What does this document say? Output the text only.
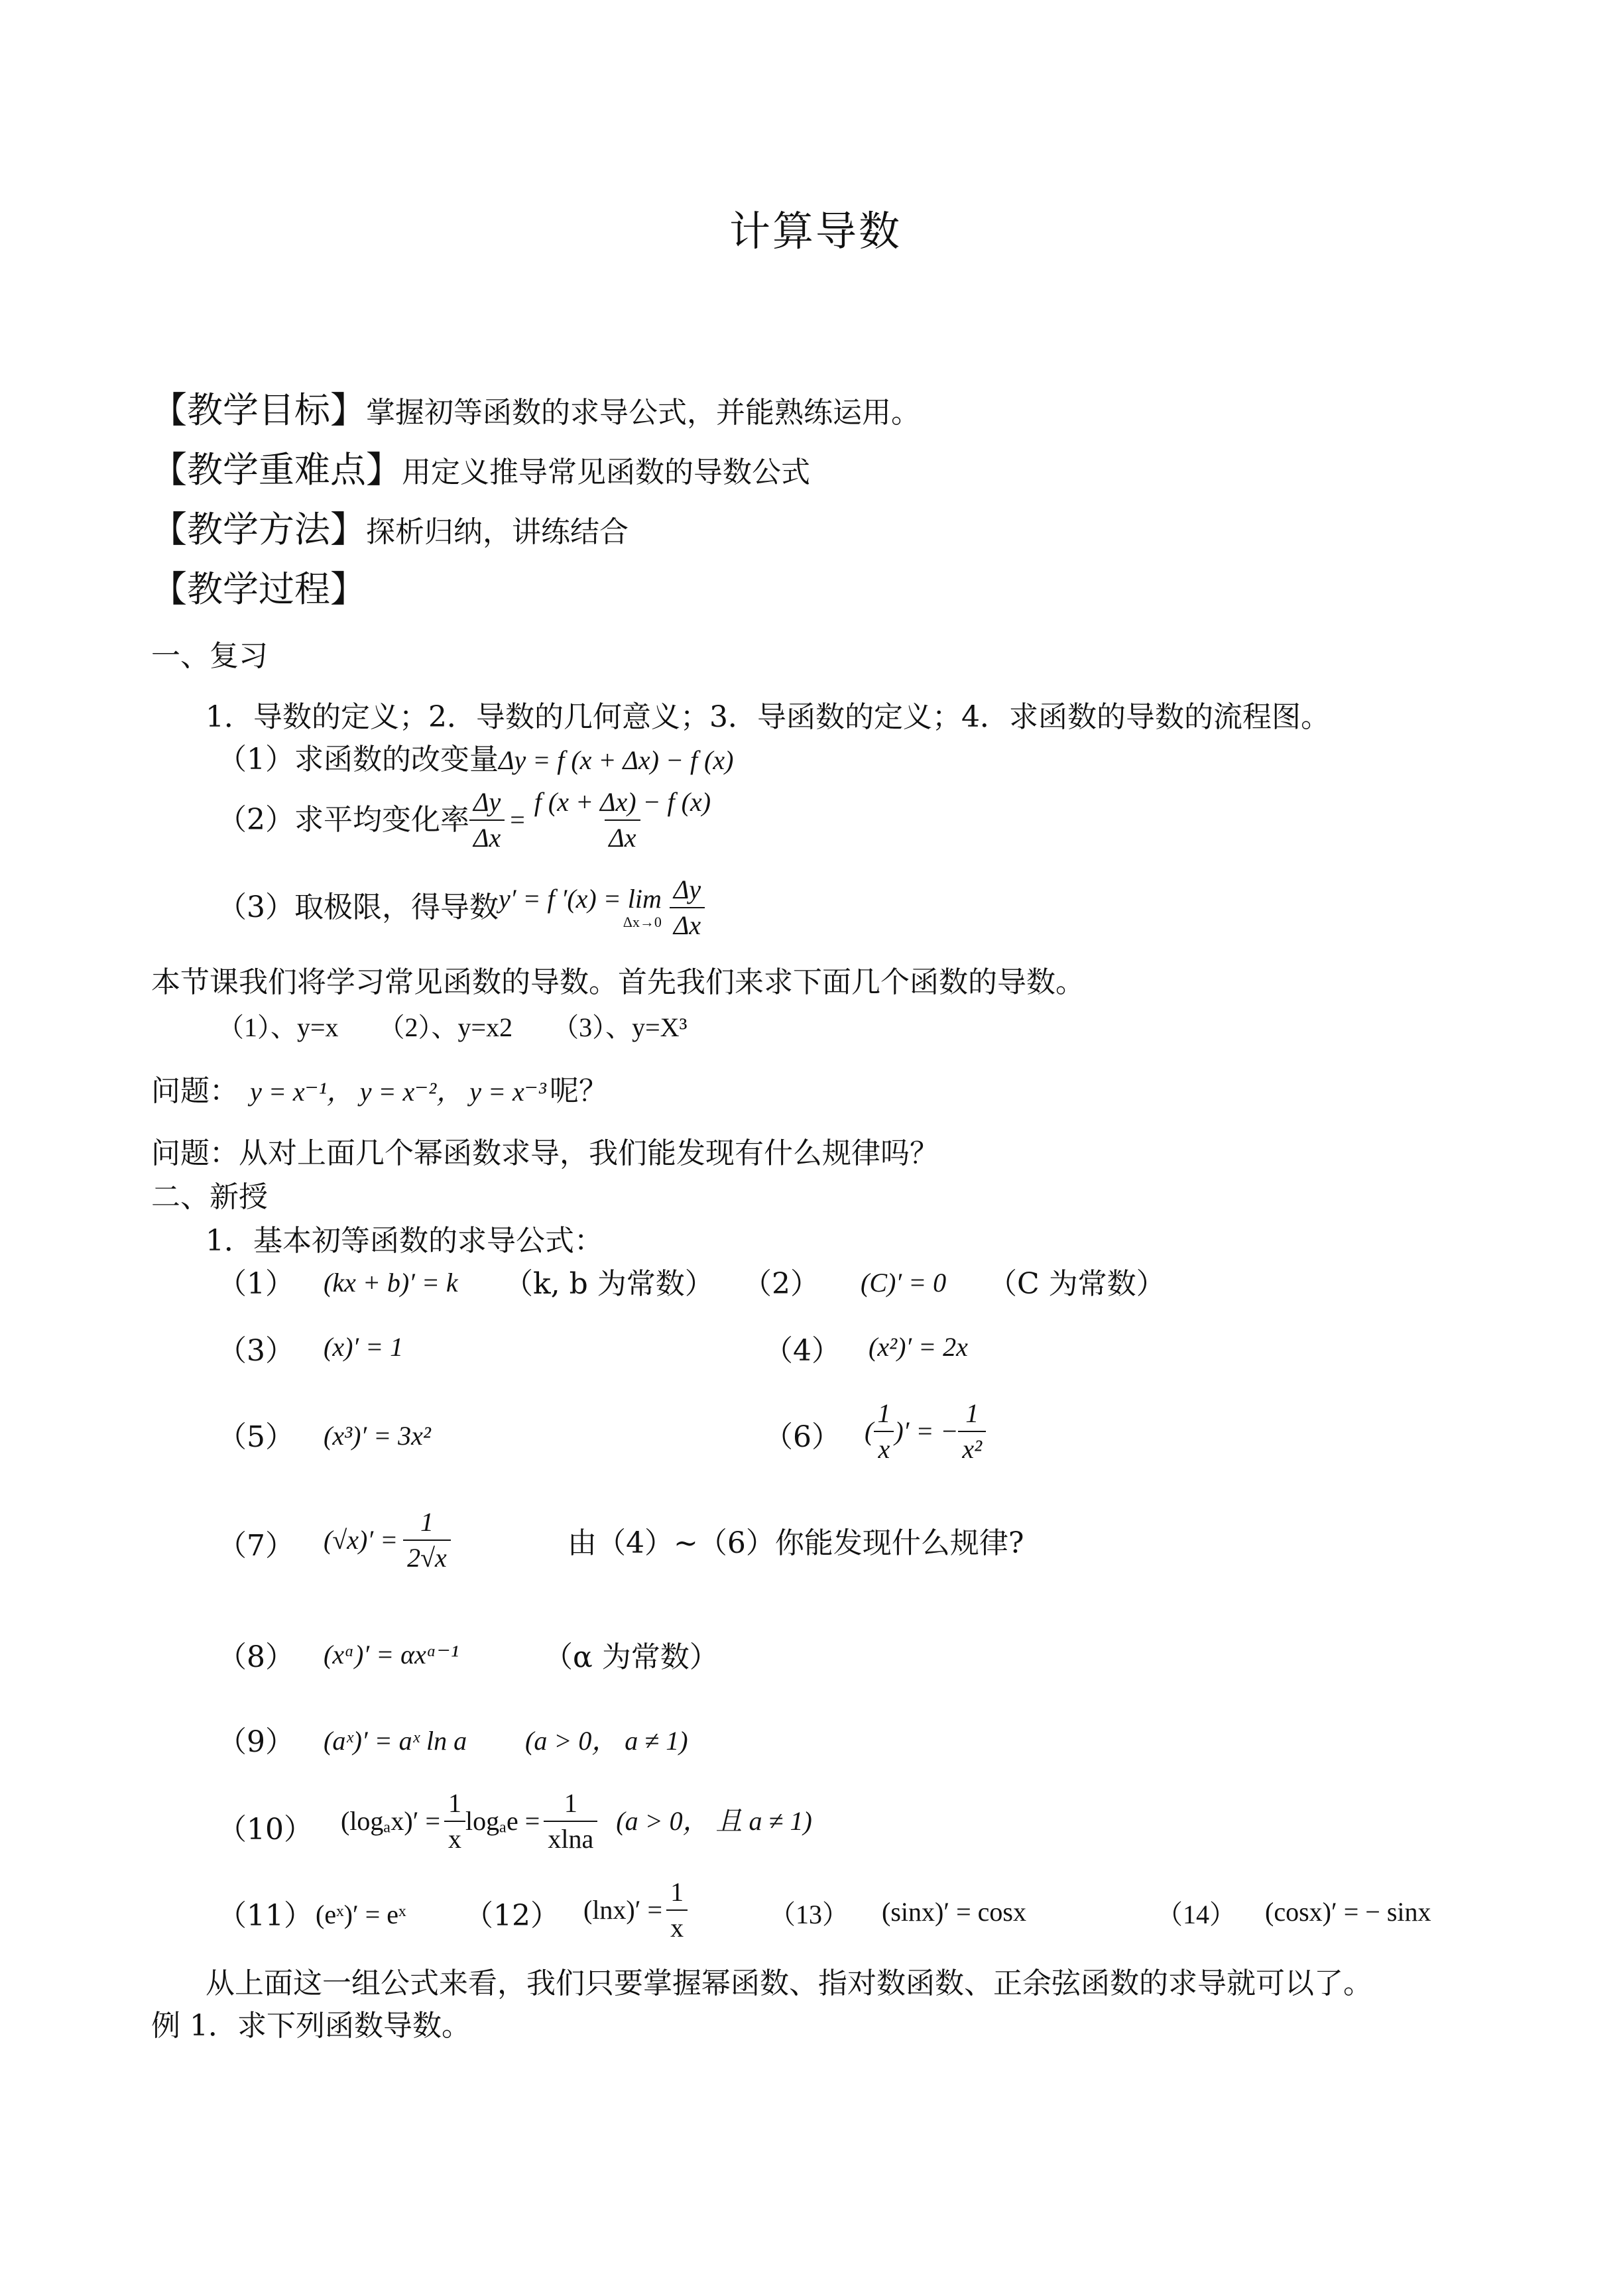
计算导数
【教学目标】掌握初等函数的求导公式，并能熟练运用。
【教学重难点】用定义推导常见函数的导数公式
【教学方法】探析归纳，讲练结合
【教学过程】
一、复习
1．导数的定义；2．导数的几何意义；3．导函数的定义；4．求函数的导数的流程图。
（1）求函数的改变量Δy = f (x + Δx) − f (x)
（2）求平均变化率 $\frac{\Delta y}{\Delta x} = \frac{f (x + \Delta x) - f (x)}{\Delta x}$
（3）取极限，得导数 y′ = f ′(x) = lim
$\Delta x\to 0 \frac{\Delta y}{\Delta x}$
本节课我们将学习常见函数的导数。首先我们来求下面几个函数的导数。
（1）、y=x      （2）、y=x2      （3）、y=X³
问题： y = x⁻¹， y = x⁻²， y = x⁻³ 呢？
问题：从对上面几个幂函数求导，我们能发现有什么规律吗？
二、新授
1．基本初等函数的求导公式：
（1） (kx + b)′ = k （k, b 为常数） （2） (C)′ = 0 （C 为常数）
（3） (x)′ = 1	（4） (x²)′ = 2x
（5） (x³)′ = 3x²	（6） ( $\frac{1}{x}$ )′ = − $\frac{1}{\text{x²}}$
（7） $(√x)' = \frac{1}{2√x}$	由（4）~（6）你能发现什么规律?
（8） (xᵅ)′ = αxᵅ⁻¹	（α 为常数）
（9） (aˣ)′ = aˣ ln a (a > 0， a ≠ 1)
（10） $(\log_ax)' = \frac{1}{x}$ $\log_ae = \frac{1}{xlna} (a > 0$， 且 a ≠ 1)
（11） (eˣ)′ = eˣ （12） $(\ln x)' = \frac{1}{x}$	（13） (sinx)′ = cosx	（14） (cosx)′ = − sinx
从上面这一组公式来看，我们只要掌握幂函数、指对数函数、正余弦函数的求导就可以了。
例 1．求下列函数导数。
